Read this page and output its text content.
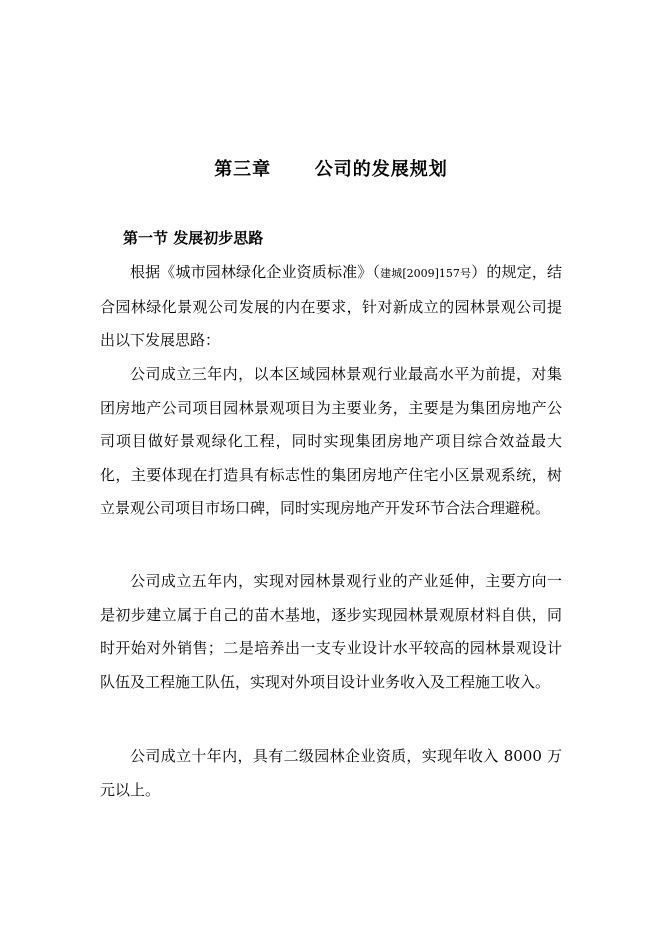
第三章      公司的发展规划
第一节 发展初步思路

根据《城市园林绿化企业资质标准》（建城[2009]157号）的规定，结合园林绿化景观公司发展的内在要求，针对新成立的园林景观公司提出以下发展思路：

公司成立三年内，以本区域园林景观行业最高水平为前提，对集团房地产公司项目园林景观项目为主要业务，主要是为集团房地产公司项目做好景观绿化工程，同时实现集团房地产项目综合效益最大化，主要体现在打造具有标志性的集团房地产住宅小区景观系统，树立景观公司项目市场口碑，同时实现房地产开发环节合法合理避税。

公司成立五年内，实现对园林景观行业的产业延伸，主要方向一是初步建立属于自己的苗木基地，逐步实现园林景观原材料自供，同时开始对外销售；二是培养出一支专业设计水平较高的园林景观设计队伍及工程施工队伍，实现对外项目设计业务收入及工程施工收入。

公司成立十年内，具有二级园林企业资质，实现年收入 8000 万元以上。
